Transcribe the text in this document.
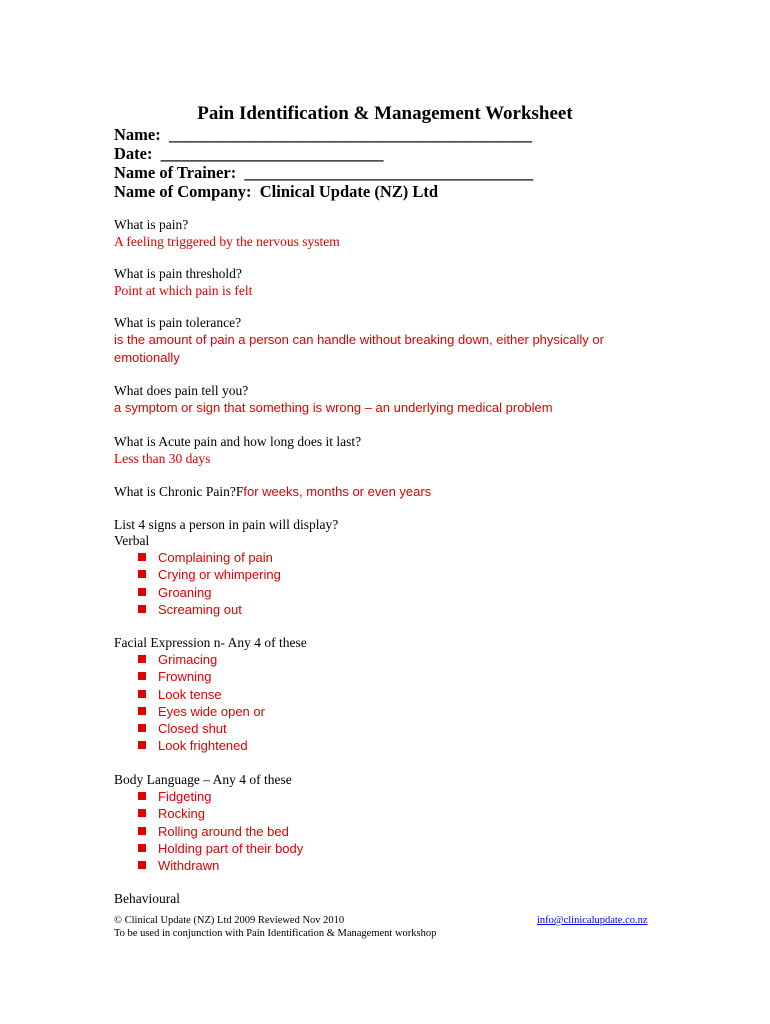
Pain Identification & Management Worksheet
Name:  ____________________________________________
Date:  ___________________________
Name of Trainer:  ___________________________________
Name of Company:  Clinical Update (NZ) Ltd
What is pain?
A feeling triggered by the nervous system
What is pain threshold?
Point at which pain is felt
What is pain tolerance?
is the amount of pain a person can handle without breaking down, either physically or emotionally
What does pain tell you?
a symptom or sign that something is wrong – an underlying medical problem
What is Acute pain and how long does it last?
Less than 30 days
What is Chronic Pain?Ffor weeks, months or even years
List 4 signs a person in pain will display?
Verbal
Complaining of pain
Crying or whimpering
Groaning
Screaming out
Facial Expression n- Any 4 of these
Grimacing
Frowning
Look tense
Eyes wide open or
Closed shut
Look frightened
Body Language – Any 4 of these
Fidgeting
Rocking
Rolling around the bed
Holding part of their body
Withdrawn
Behavioural
© Clinical Update (NZ) Ltd 2009 Reviewed Nov 2010
To be used in conjunction with Pain Identification & Management workshop
info@clinicalupdate.co.nz
